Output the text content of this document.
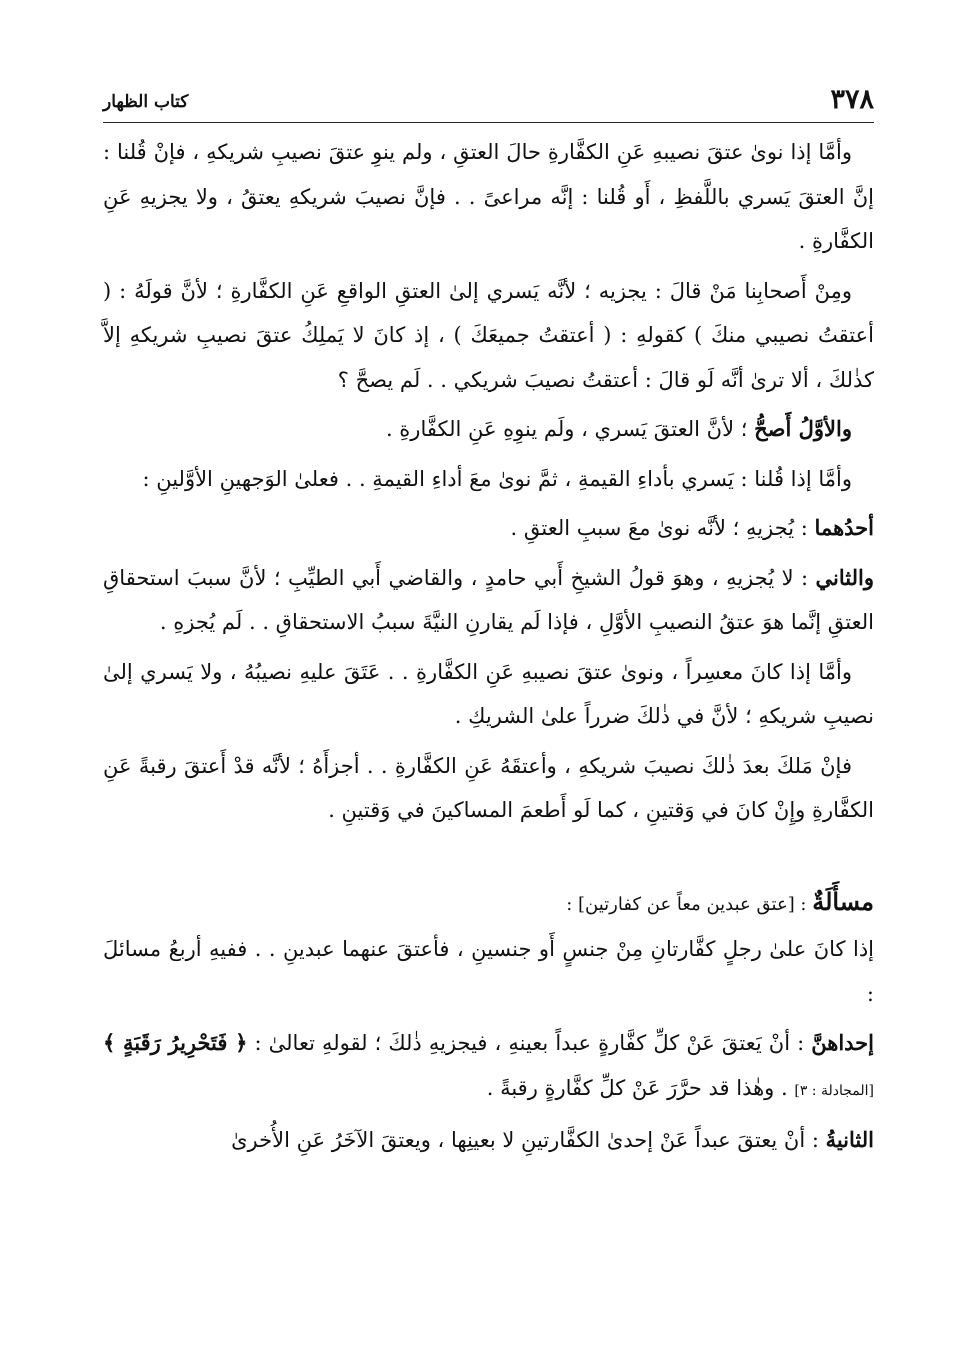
٣٧٨
كتاب الظهار

وأمَّا إذا نوىٰ عتقَ نصيبهِ عَنِ الكفَّارةِ حالَ العتقِ ، ولم ينوِ عتقَ نصيبِ شريكهِ ، فإنْ قُلنا : إنَّ العتقَ يَسري باللَّفظِ ، أَو قُلنا : إنَّه مراعىً . . فإنَّ نصيبَ شريكهِ يعتقُ ، ولا يجزيهِ عَنِ الكفَّارةِ .

ومِنْ أَصحابِنا مَنْ قالَ : يجزيه ؛ لأنَّه يَسري إلىٰ العتقِ الواقعِ عَنِ الكفَّارةِ ؛ لأنَّ قولَهُ : ( أعتقتُ نصيبي منكَ ) كقولهِ : ( أعتقتُ جميعَكَ ) ، إذ كانَ لا يَملِكُ عتقَ نصيبِ شريكهِ إلاَّ كذٰلكَ ، ألا ترىٰ أنَّه لَو قالَ : أعتقتُ نصيبَ شريكي . . لَم يصحَّ ؟

والأوَّلُ أَصحُّ ؛ لأنَّ العتقَ يَسري ، ولَم ينوِهِ عَنِ الكفَّارةِ .

وأمَّا إذا قُلنا : يَسري بأداءِ القيمةِ ، ثمَّ نوىٰ معَ أداءِ القيمةِ . . فعلىٰ الوَجهينِ الأوَّلينِ :

أحدُهما : يُجزيهِ ؛ لأنَّه نوىٰ معَ سببِ العتقِ .

والثاني : لا يُجزيهِ ، وهوَ قولُ الشيخِ أَبي حامدٍ ، والقاضي أَبي الطيِّبِ ؛ لأنَّ سببَ استحقاقِ العتقِ إنَّما هوَ عتقُ النصيبِ الأوَّلِ ، فإذا لَم يقارنِ النيَّةَ سببُ الاستحقاقِ . . لَم يُجزهِ .

وأمَّا إذا كانَ معسِراً ، ونوىٰ عتقَ نصيبهِ عَنِ الكفَّارةِ . . عَتَقَ عليهِ نصيبُهُ ، ولا يَسري إلىٰ نصيبِ شريكهِ ؛ لأنَّ في ذٰلكَ ضرراً علىٰ الشريكِ .

فإنْ مَلكَ بعدَ ذٰلكَ نصيبَ شريكهِ ، وأعتقَهُ عَنِ الكفَّارةِ . . أجزأَهُ ؛ لأنَّه قدْ أَعتقَ رقبةً عَنِ الكفَّارةِ وإِنْ كانَ في وَقتينِ ، كما لَو أَطعمَ المساكينَ في وَقتينِ .

مسأَلَةٌ : [عتق عبدين معاً عن كفارتين] :

إذا كانَ علىٰ رجلٍ كفَّارتانِ مِنْ جنسٍ أَو جنسينِ ، فأعتقَ عنهما عبدينِ . . ففيهِ أربعُ مسائلَ :

إحداهنَّ : أنْ يَعتقَ عَنْ كلِّ كفَّارةٍ عبداً بعينهِ ، فيجزيهِ ذٰلكَ ؛ لقولهِ تعالىٰ : ﴿ فَتَحْرِيرُ رَقَبَةٍ ﴾ [المجادلة : ٣] . وهٰذا قد حرَّرَ عَنْ كلِّ كفَّارةٍ رقبةً .

الثانيةُ : أنْ يعتقَ عبداً عَنْ إحدىٰ الكفَّارتينِ لا بعينِها ، ويعتقَ الآخَرُ عَنِ الأُخرىٰ
